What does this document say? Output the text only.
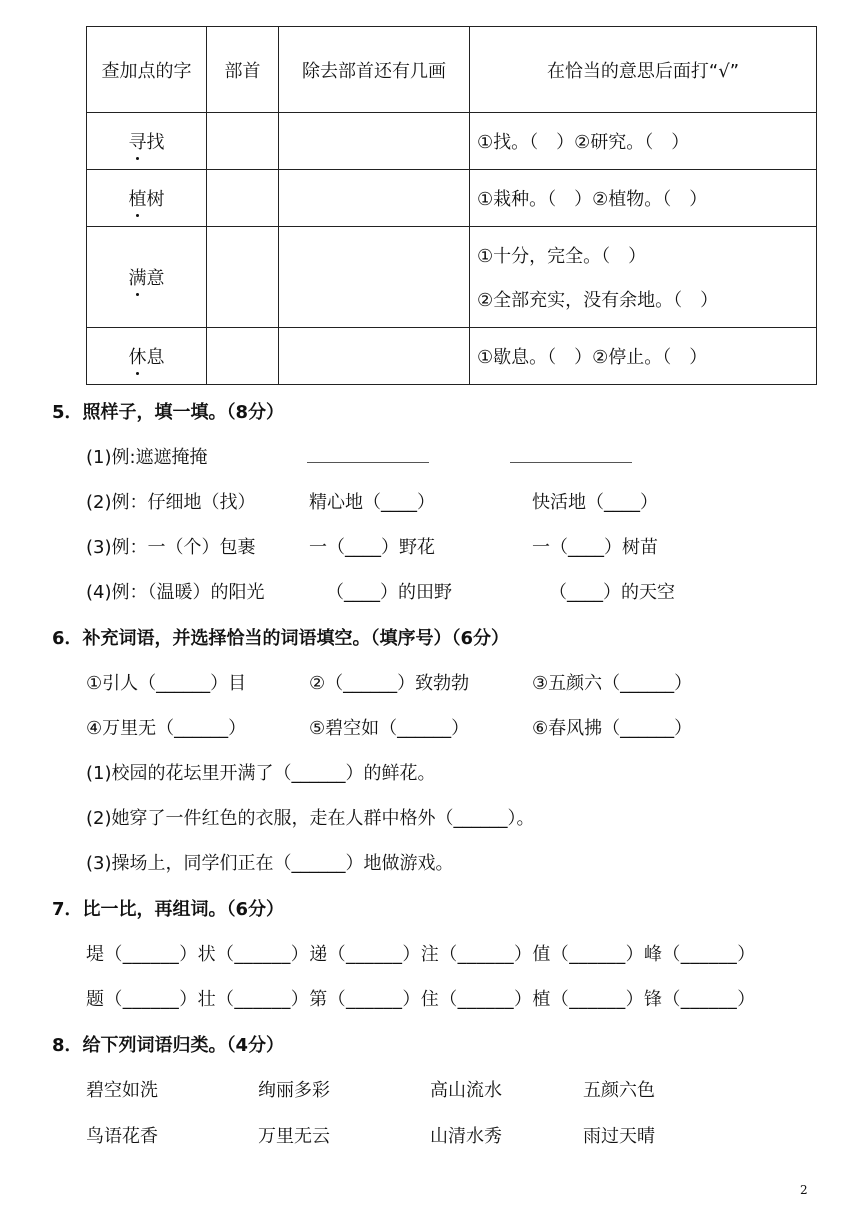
查加点的字	部首	除去部首还有几画	在恰当的意思后面打“√”
寻找			①找。（　）②研究。（　）
植树			①栽种。（　）②植物。（　）
满意			①十分，完全。（　）
②全部充实，没有余地。（　）

休息			①歇息。（　）②停止。（　）
5．照样子，填一填。（8分）
(1)例:遮遮掩掩
(2)例：仔细地（找）	精心地（____）	快活地（____）
(3)例：一（个）包裹	一（____）野花	一（____）树苗
(4)例：（温暖）的阳光	（____）的田野	（____）的天空
6．补充词语，并选择恰当的词语填空。（填序号）（6分）
①引人（______）目	②（______）致勃勃	③五颜六（______）
④万里无（______）	⑤碧空如（______）	⑥春风拂（______）
(1)校园的花坛里开满了（______）的鲜花。
(2)她穿了一件红色的衣服，走在人群中格外（______）。
(3)操场上，同学们正在（______）地做游戏。
7．比一比，再组词。（6分）
堤（______）状（______）递（______）注（______）值（______）峰（______）
题（______）壮（______）第（______）住（______）植（______）锋（______）
8．给下列词语归类。（4分）
碧空如洗	绚丽多彩	高山流水	五颜六色
鸟语花香	万里无云	山清水秀	雨过天晴
2
